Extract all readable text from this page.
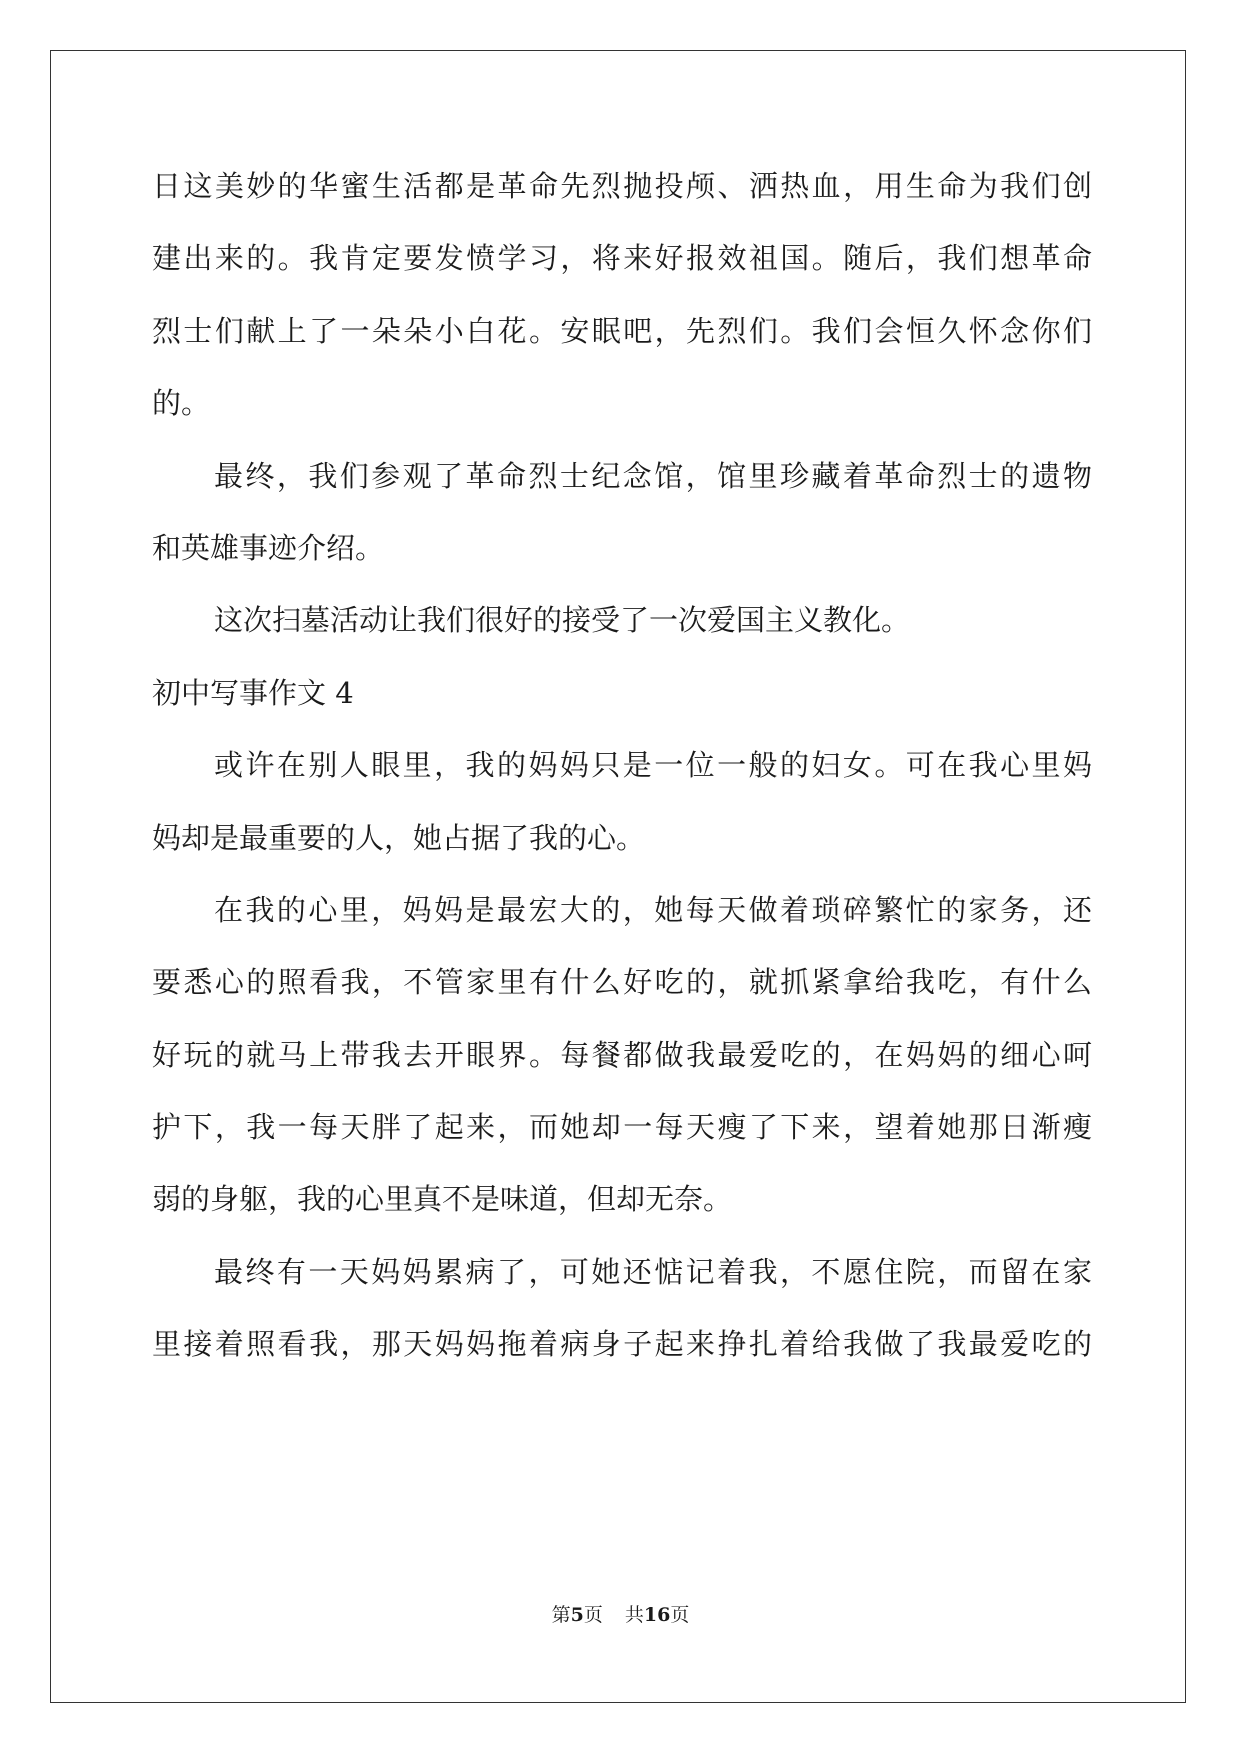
日这美妙的华蜜生活都是革命先烈抛投颅、洒热血，用生命为我们创
建出来的。我肯定要发愤学习，将来好报效祖国。随后，我们想革命
烈士们献上了一朵朵小白花。安眠吧，先烈们。我们会恒久怀念你们
的。
最终，我们参观了革命烈士纪念馆，馆里珍藏着革命烈士的遗物
和英雄事迹介绍。
这次扫墓活动让我们很好的接受了一次爱国主义教化。
初中写事作文 4
或许在别人眼里，我的妈妈只是一位一般的妇女。可在我心里妈
妈却是最重要的人，她占据了我的心。
在我的心里，妈妈是最宏大的，她每天做着琐碎繁忙的家务，还
要悉心的照看我，不管家里有什么好吃的，就抓紧拿给我吃，有什么
好玩的就马上带我去开眼界。每餐都做我最爱吃的，在妈妈的细心呵
护下，我一每天胖了起来，而她却一每天瘦了下来，望着她那日渐瘦
弱的身躯，我的心里真不是味道，但却无奈。
最终有一天妈妈累病了，可她还惦记着我，不愿住院，而留在家
里接着照看我，那天妈妈拖着病身子起来挣扎着给我做了我最爱吃的
第5页 共16页
